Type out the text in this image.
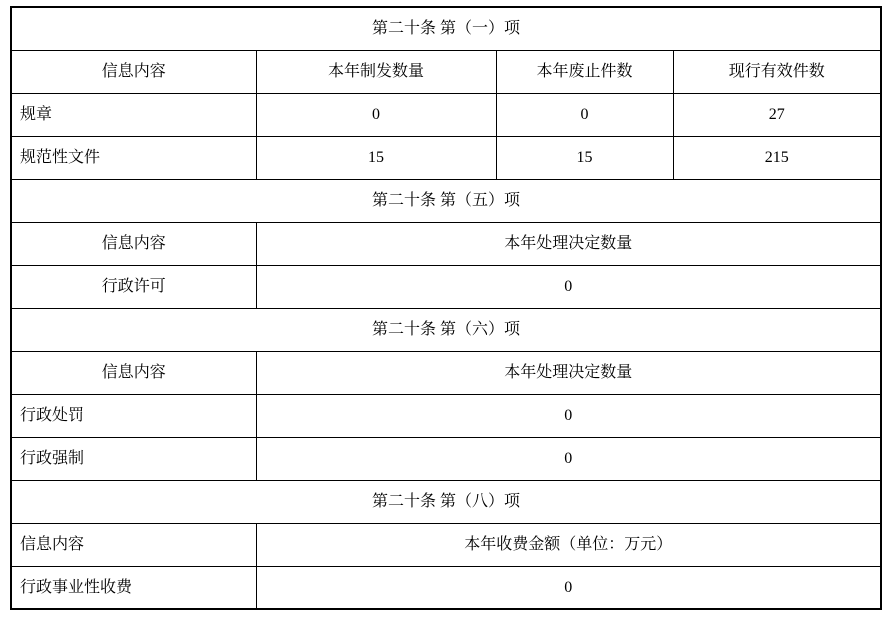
第二十条 第（一）项			
信息内容	本年制发数量	本年废止件数	现行有效件数
规章	0	0	27
规范性文件	15	15	215
第二十条 第（五）项			
信息内容	本年处理决定数量		
行政许可	0		
第二十条 第（六）项			
信息内容	本年处理决定数量		
行政处罚	0		
行政强制	0		
第二十条 第（八）项			
信息内容	本年收费金额（单位：万元）		
行政事业性收费	0		
